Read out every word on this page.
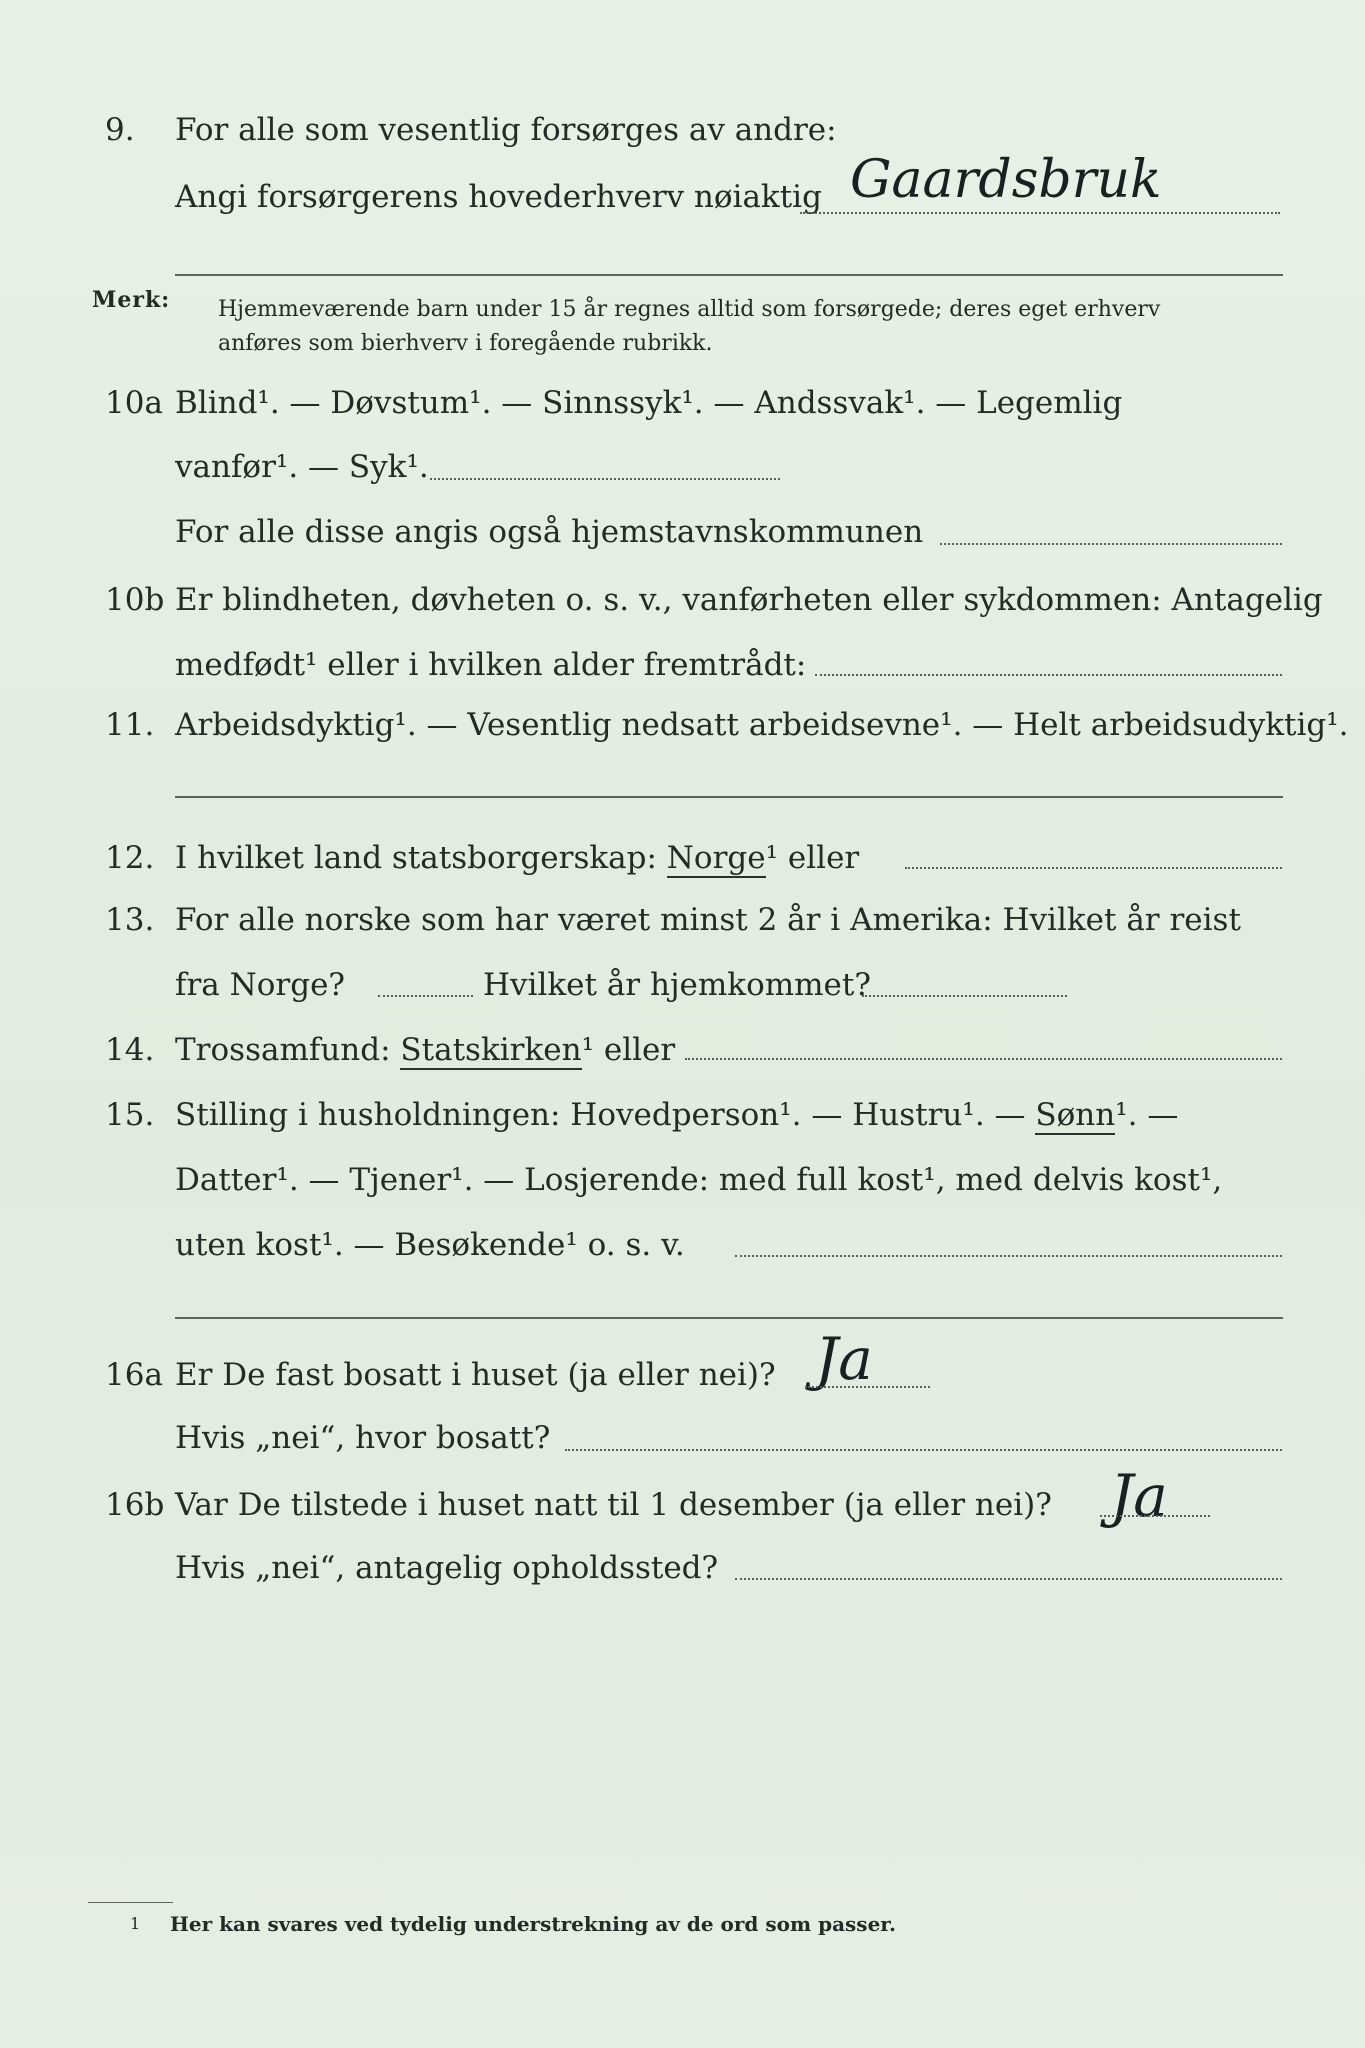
9. For alle som vesentlig forsørges av andre:
Angi forsørgerens hovederhverv nøiaktig Gaardsbruk
Merk: Hjemmeværende barn under 15 år regnes alltid som forsørgede; deres eget erhverv
anføres som bierhverv i foregående rubrikk.
10a Blind¹. — Døvstum¹. — Sinnssyk¹. — Andssvak¹. — Legemlig
vanfør¹. — Syk¹.
For alle disse angis også hjemstavnskommunen
10b Er blindheten, døvheten o. s. v., vanførheten eller sykdommen: Antagelig
medfødt¹ eller i hvilken alder fremtrådt:
11. Arbeidsdyktig¹. — Vesentlig nedsatt arbeidsevne¹. — Helt arbeidsudyktig¹.
12. I hvilket land statsborgerskap: Norge¹ eller
13. For alle norske som har været minst 2 år i Amerika: Hvilket år reist
fra Norge?	Hvilket år hjemkommet?
14. Trossamfund: Statskirken¹ eller
15. Stilling i husholdningen: Hovedperson¹. — Hustru¹. — Sønn¹. —
Datter¹. — Tjener¹. — Losjerende: med full kost¹, med delvis kost¹,
uten kost¹. — Besøkende¹ o. s. v.
16a Er De fast bosatt i huset (ja eller nei)? Ja
Hvis „nei“, hvor bosatt?
16b Var De tilstede i huset natt til 1 desember (ja eller nei)? Ja
Hvis „nei“, antagelig opholdssted?
1 Her kan svares ved tydelig understrekning av de ord som passer.
